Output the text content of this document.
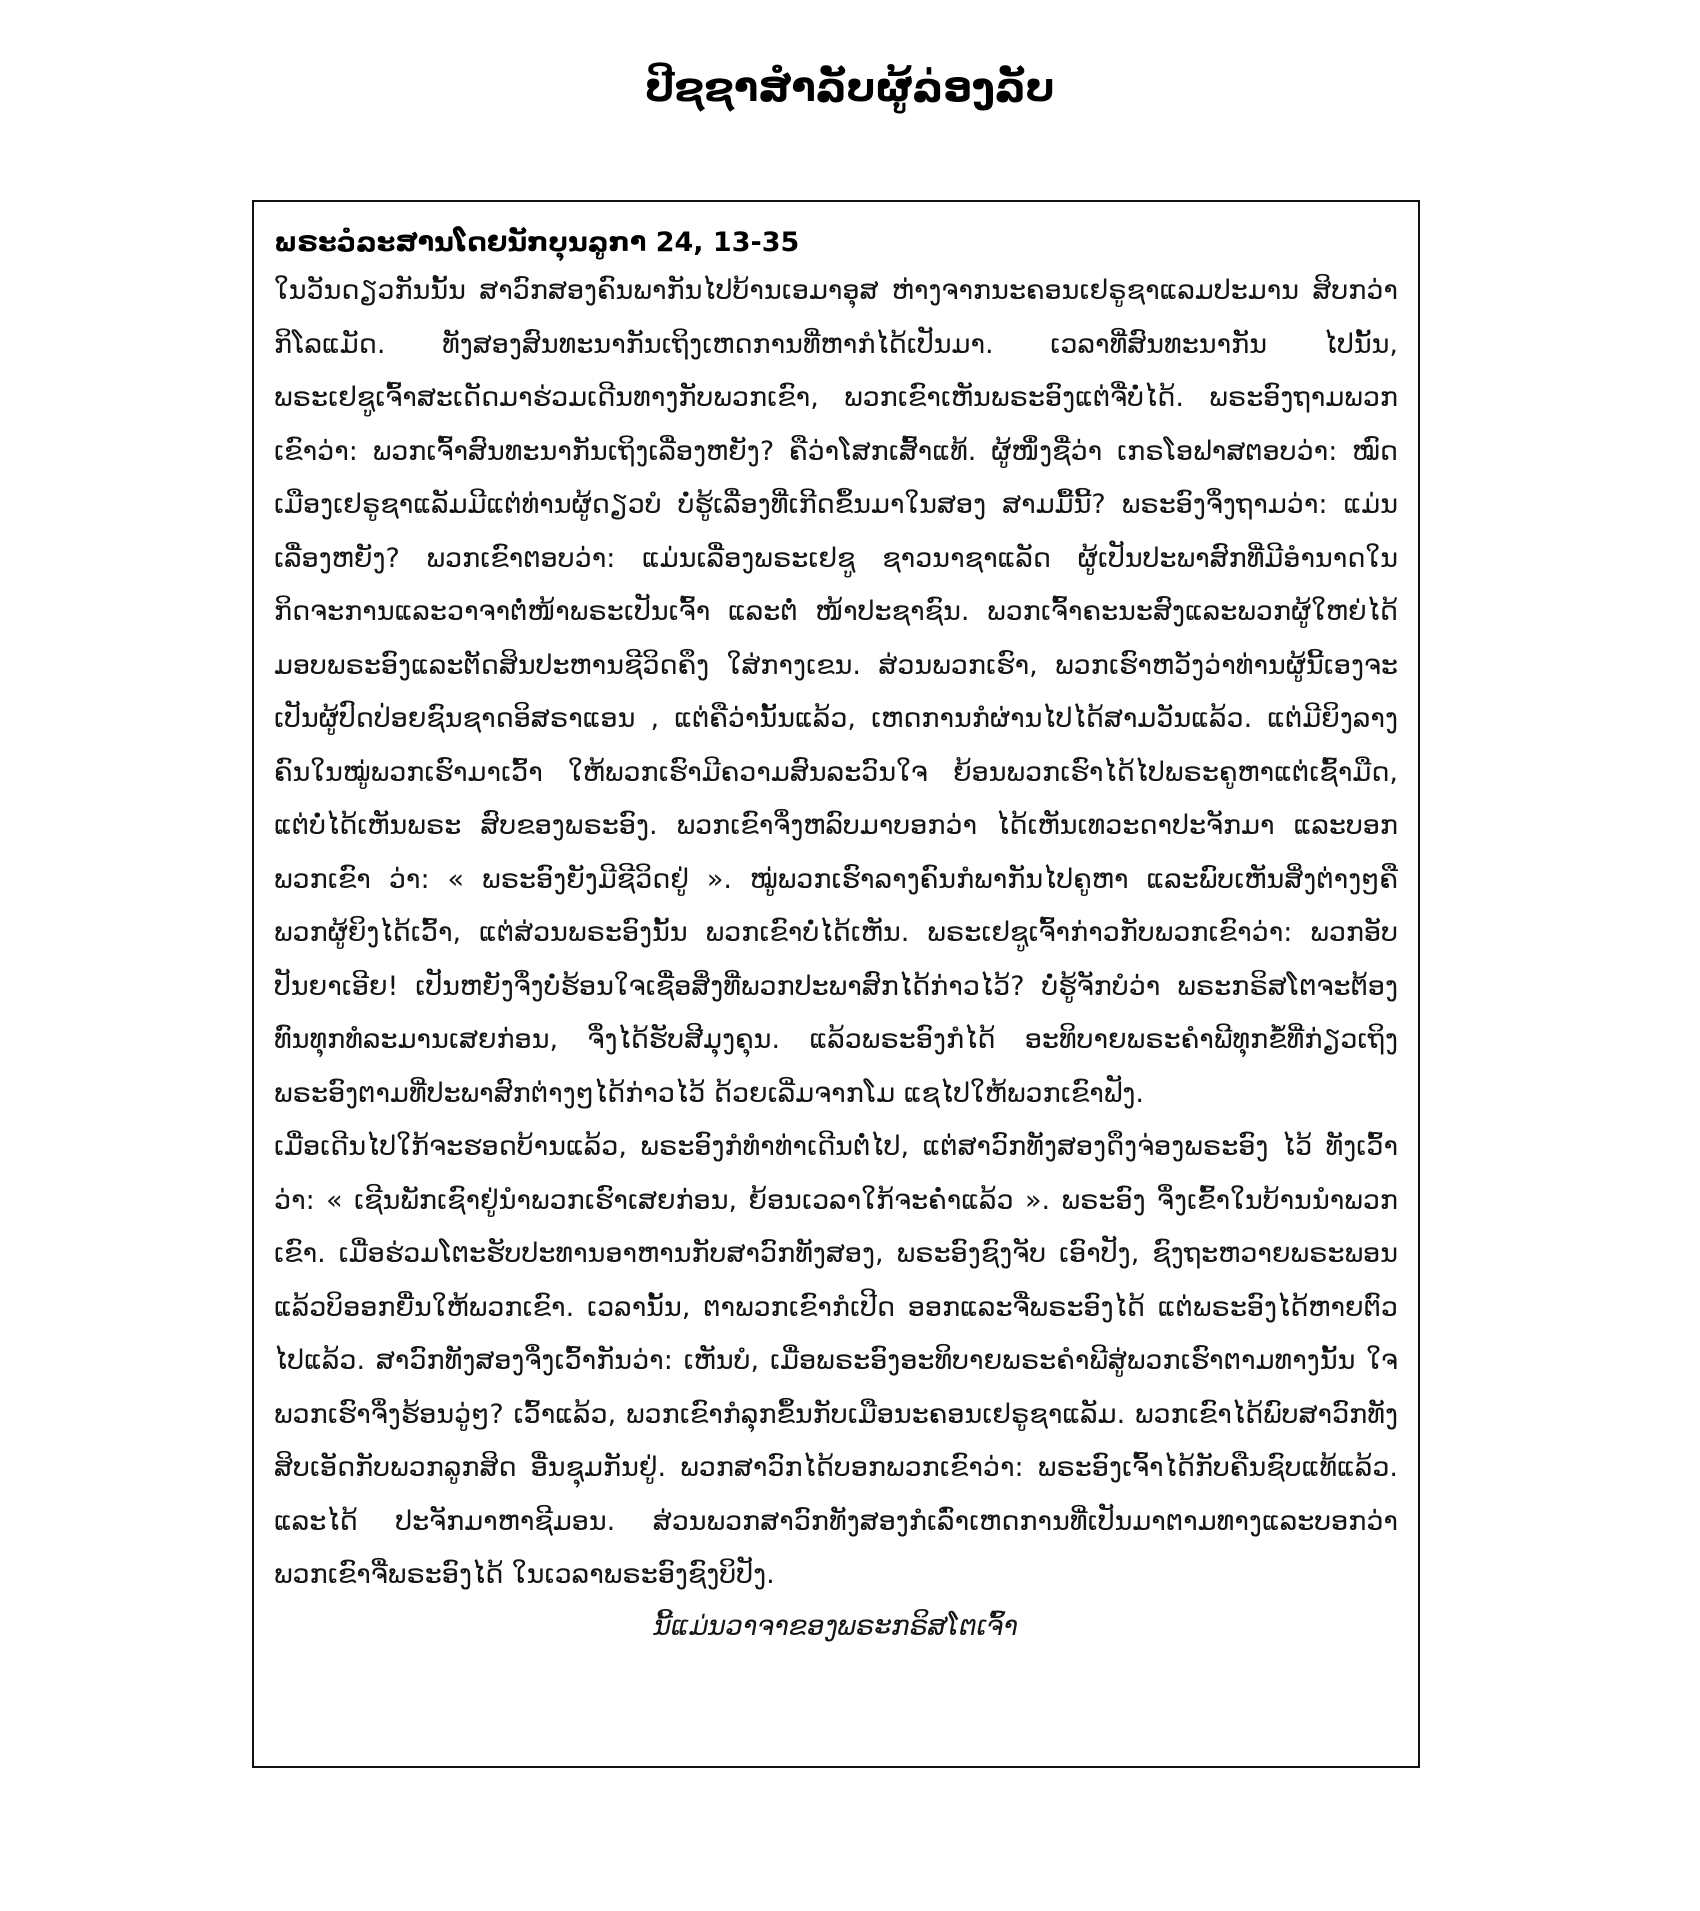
ປີຊຊາສຳລັບຜູ້ລ່ອງລັບ

ພຣະວໍລະສານໂດຍນັກບຸນລູກາ 24, 13-35

ໃນວັນດຽວກັນນັ້ນ ສາວົກສອງຄົນພາກັນໄປບ້ານເອມາອຸສ ຫ່າງຈາກນະຄອນເຢຣູຊາແລມປະມານ ສິບກວ່າກິໂລແມັດ. ທັງສອງສົນທະນາກັນເຖິງເຫດການທີ່ຫາກໍໄດ້ເປັນມາ. ເວລາທີ່ສົນທະນາກັນ ໄປນັ້ນ, ພຣະເຢຊູເຈົ້າສະເດັດມາຮ່ວມເດີນທາງກັບພວກເຂົາ, ພວກເຂົາເຫັນພຣະອົງແຕ່ຈື່ບໍ່ໄດ້. ພຣະອົງຖາມພວກເຂົາວ່າ: ພວກເຈົ້າສົນທະນາກັນເຖິງເລື່ອງຫຍັງ? ຄືວ່າໂສກເສົ້າແທ້. ຜູ້ໜຶ່ງຊື່ວ່າ ເກຣໂອຟາສຕອບວ່າ: ໝົດເມືອງເຢຣູຊາແລັມມີແຕ່ທ່ານຜູ້ດຽວບໍ ບໍ່ຮູ້ເລື່ອງທີ່ເກີດຂຶ້ນມາໃນສອງ ສາມມື້ນີ້? ພຣະອົງຈຶ່ງຖາມວ່າ: ແມ່ນເລື່ອງຫຍັງ? ພວກເຂົາຕອບວ່າ: ແມ່ນເລື່ອງພຣະເຢຊູ ຊາວນາຊາແລັດ ຜູ້ເປັນປະພາສົກທີ່ມີອຳນາດໃນກິດຈະການແລະວາຈາຕໍ່ໜ້າພຣະເປັນເຈົ້າ ແລະຕໍ່ ໜ້າປະຊາຊົນ. ພວກເຈົ້າຄະນະສົງແລະພວກຜູ້ໃຫຍ່ໄດ້ມອບພຣະອົງແລະຕັດສິນປະຫານຊີວິດຄຶງ ໃສ່ກາງເຂນ. ສ່ວນພວກເຮົາ, ພວກເຮົາຫວັງວ່າທ່ານຜູ້ນີ້ເອງຈະເປັນຜູ້ປົດປ່ອຍຊົນຊາດອິສຣາແອນ , ແຕ່ຄືວ່ານັ້ນແລ້ວ, ເຫດການກໍຜ່ານໄປໄດ້ສາມວັນແລ້ວ. ແຕ່ມີຍິງລາງຄົນໃນໝູ່ພວກເຮົາມາເວົ້າ ໃຫ້ພວກເຮົາມີຄວາມສົນລະວົນໃຈ ຍ້ອນພວກເຮົາໄດ້ໄປພຣະຄູຫາແຕ່ເຊົ້າມືດ, ແຕ່ບໍ່ໄດ້ເຫັນພຣະ ສົບຂອງພຣະອົງ. ພວກເຂົາຈຶ່ງຫລົບມາບອກວ່າ ໄດ້ເຫັນເທວະດາປະຈັກມາ ແລະບອກພວກເຂົາ ວ່າ: « ພຣະອົງຍັງມີຊີວິດຢູ່ ». ໝູ່ພວກເຮົາລາງຄົນກໍພາກັນໄປຄູຫາ ແລະພົບເຫັນສິ່ງຕ່າງໆຄື ພວກຜູ້ຍິງໄດ້ເວົ້າ, ແຕ່ສ່ວນພຣະອົງນັ້ນ ພວກເຂົາບໍ່ໄດ້ເຫັນ. ພຣະເຢຊູເຈົ້າກ່າວກັບພວກເຂົາວ່າ: ພວກອັບປັນຍາເອີຍ! ເປັນຫຍັງຈຶ່ງບໍ່ຮ້ອນໃຈເຊື່ອສິ່ງທີ່ພວກປະພາສົກໄດ້ກ່າວໄວ້? ບໍ່ຮູ້ຈັກບໍວ່າ ພຣະກຣິສໂຕຈະຕ້ອງທົນທຸກທໍລະມານເສຍກ່ອນ, ຈຶ່ງໄດ້ຮັບສີມຸງຄຸນ. ແລ້ວພຣະອົງກໍໄດ້ ອະທິບາຍພຣະຄຳພີທຸກຂໍ້ທີ່ກ່ຽວເຖິງພຣະອົງຕາມທີ່ປະພາສົກຕ່າງໆໄດ້ກ່າວໄວ້ ດ້ວຍເລີ່ມຈາກໂມ ແຊໄປໃຫ້ພວກເຂົາຟັງ.

ເມື່ອເດີນໄປໃກ້ຈະຮອດບ້ານແລ້ວ, ພຣະອົງກໍທຳທ່າເດີນຕໍ່ໄປ, ແຕ່ສາວົກທັງສອງດຶງຈ່ອງພຣະອົງ ໄວ້ ທັງເວົ້າວ່າ: « ເຊີນພັກເຊົາຢູ່ນຳພວກເຮົາເສຍກ່ອນ, ຍ້ອນເວລາໃກ້ຈະຄ່ຳແລ້ວ ». ພຣະອົງ ຈຶ່ງເຂົ້າໃນບ້ານນຳພວກເຂົາ. ເມື່ອຮ່ວມໂຕະຮັບປະທານອາຫານກັບສາວົກທັງສອງ, ພຣະອົງຊົງຈັບ ເອົາປັງ, ຊົງຖະຫວາຍພຣະພອນ ແລ້ວບິອອກຍື່ນໃຫ້ພວກເຂົາ. ເວລານັ້ນ, ຕາພວກເຂົາກໍເປີດ ອອກແລະຈື່ພຣະອົງໄດ້ ແຕ່ພຣະອົງໄດ້ຫາຍຕົວໄປແລ້ວ. ສາວົກທັງສອງຈຶ່ງເວົ້າກັນວ່າ: ເຫັນບໍ, ເມື່ອພຣະອົງອະທິບາຍພຣະຄຳພີສູ່ພວກເຮົາຕາມທາງນັ້ນ ໃຈພວກເຮົາຈຶ່ງຮ້ອນວູ່ໆ? ເວົ້າແລ້ວ, ພວກເຂົາກໍລຸກຂຶ້ນກັບເມືອນະຄອນເຢຣູຊາແລັມ. ພວກເຂົາໄດ້ພົບສາວົກທັງສິບເອັດກັບພວກລູກສິດ ອື່ນຊຸມກັນຢູ່. ພວກສາວົກໄດ້ບອກພວກເຂົາວ່າ: ພຣະອົງເຈົ້າໄດ້ກັບຄືນຊົບແທ້ແລ້ວ. ແລະໄດ້ ປະຈັກມາຫາຊີມອນ. ສ່ວນພວກສາວົກທັງສອງກໍເລົ່າເຫດການທີ່ເປັນມາຕາມທາງແລະບອກວ່າ ພວກເຂົາຈື່ພຣະອົງໄດ້ ໃນເວລາພຣະອົງຊົງບິປັງ.

ນີ້ແມ່ນວາຈາຂອງພຣະກຣິສໂຕເຈົ້າ
